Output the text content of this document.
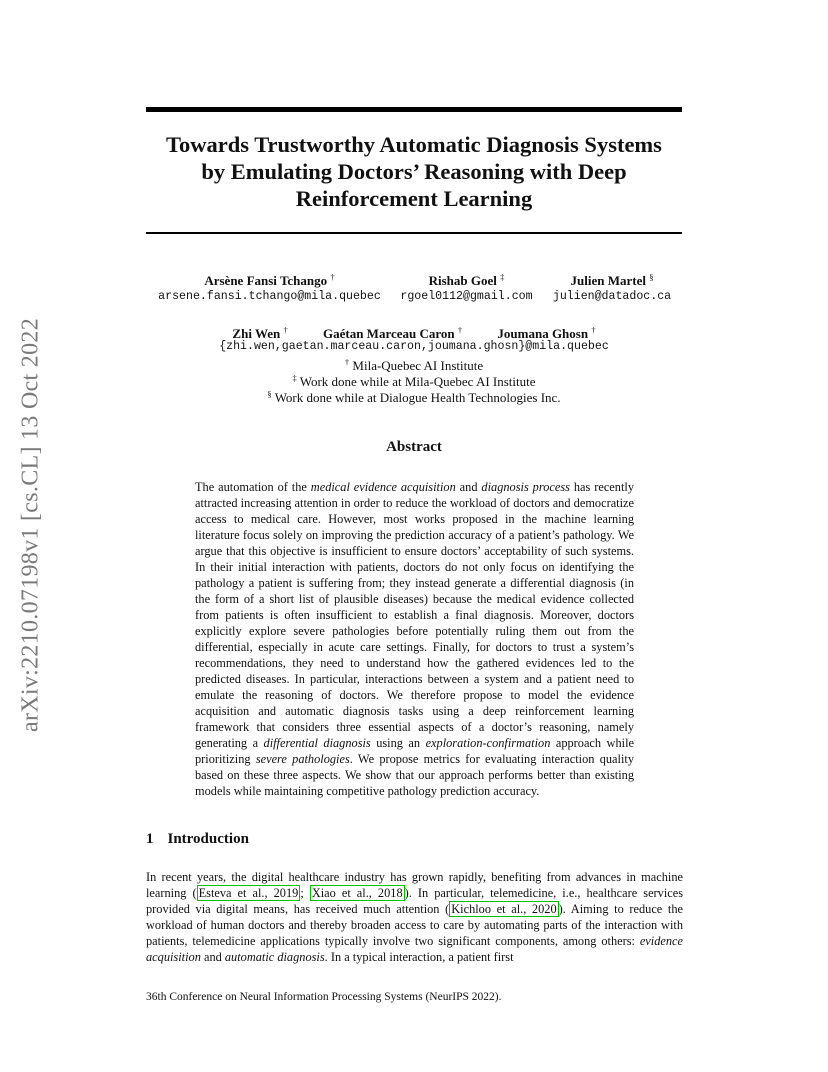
arXiv:2210.07198v1 [cs.CL] 13 Oct 2022
Towards Trustworthy Automatic Diagnosis Systems
by Emulating Doctors’ Reasoning with Deep
Reinforcement Learning
Arsène Fansi Tchango †
arsene.fansi.tchango@mila.quebec
Rishab Goel ‡
rgoel0112@gmail.com
Julien Martel §
julien@datadoc.ca
Zhi Wen †	Gaétan Marceau Caron †	Joumana Ghosn †
{zhi.wen,gaetan.marceau.caron,joumana.ghosn}@mila.quebec
† Mila-Quebec AI Institute
‡ Work done while at Mila-Quebec AI Institute
§ Work done while at Dialogue Health Technologies Inc.
Abstract

The automation of the medical evidence acquisition and diagnosis process has recently attracted increasing attention in order to reduce the workload of doctors and democratize access to medical care. However, most works proposed in the machine learning literature focus solely on improving the prediction accuracy of a patient’s pathology. We argue that this objective is insufficient to ensure doctors’ acceptability of such systems. In their initial interaction with patients, doctors do not only focus on identifying the pathology a patient is suffering from; they instead generate a differential diagnosis (in the form of a short list of plausible diseases) because the medical evidence collected from patients is often insufficient to establish a final diagnosis. Moreover, doctors explicitly explore severe pathologies before potentially ruling them out from the differential, especially in acute care settings. Finally, for doctors to trust a system’s recommendations, they need to understand how the gathered evidences led to the predicted diseases. In particular, interactions between a system and a patient need to emulate the reasoning of doctors. We therefore propose to model the evidence acquisition and automatic diagnosis tasks using a deep reinforcement learning framework that considers three essential aspects of a doctor’s reasoning, namely generating a differential diagnosis using an exploration-confirmation approach while prioritizing severe pathologies. We propose metrics for evaluating interaction quality based on these three aspects. We show that our approach performs better than existing models while maintaining competitive pathology prediction accuracy.

1 Introduction

In recent years, the digital healthcare industry has grown rapidly, benefiting from advances in machine learning ( Esteva et al., 2019 ; Xiao et al., 2018 ). In particular, telemedicine, i.e., healthcare services provided via digital means, has received much attention ( Kichloo et al., 2020 ). Aiming to reduce the workload of human doctors and thereby broaden access to care by automating parts of the interaction with patients, telemedicine applications typically involve two significant components, among others: evidence acquisition and automatic diagnosis. In a typical interaction, a patient first

36th Conference on Neural Information Processing Systems (NeurIPS 2022).
